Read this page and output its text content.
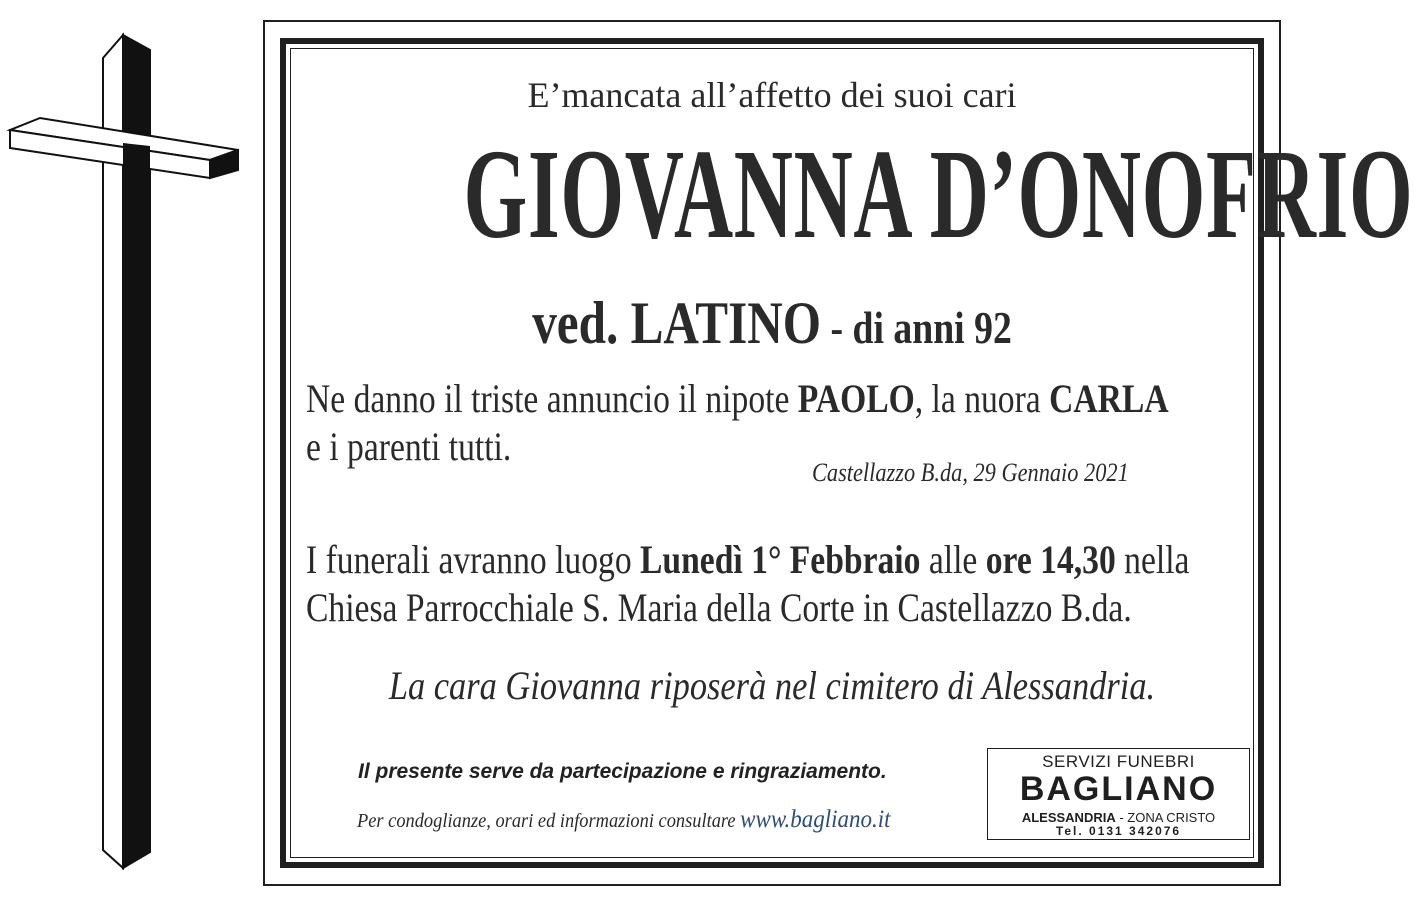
E’mancata all’affetto dei suoi cari
GIOVANNA D’ONOFRIO
ved. LATINO - di anni 92
Ne danno il triste annuncio il nipote PAOLO, la nuora CARLA
e i parenti tutti.
Castellazzo B.da, 29 Gennaio 2021
I funerali avranno luogo Lunedì 1° Febbraio alle ore 14,30 nella
Chiesa Parrocchiale S. Maria della Corte in Castellazzo B.da.
La cara Giovanna riposerà nel cimitero di Alessandria.
Il presente serve da partecipazione e ringraziamento.
Per condoglianze, orari ed informazioni consultare www.bagliano.it
SERVIZI FUNEBRI
BAGLIANO
ALESSANDRIA - ZONA CRISTO
Tel. 0131 342076
